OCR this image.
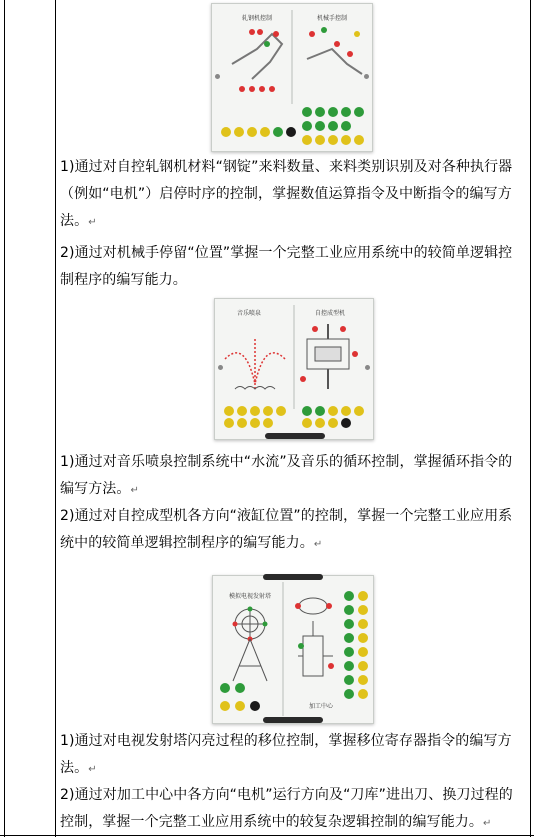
轧钢机控制	机械手控制
1)通过对自控轧钢机材料“钢锭”来料数量、来料类别识别及对各种执行器（例如“电机”）启停时序的控制，掌握数值运算指令及中断指令的编写方法。↵
2)通过对机械手停留“位置”掌握一个完整工业应用系统中的较简单逻辑控制程序的编写能力。
音乐喷泉	自控成型机
1)通过对音乐喷泉控制系统中“水流”及音乐的循环控制，掌握循环指令的编写方法。↵
2)通过对自控成型机各方向“液缸位置”的控制，掌握一个完整工业应用系统中的较简单逻辑控制程序的编写能力。↵
模拟电视发射塔
加工中心
1)通过对电视发射塔闪亮过程的移位控制，掌握移位寄存器指令的编写方法。↵
2)通过对加工中心中各方向“电机”运行方向及“刀库”进出刀、换刀过程的控制，掌握一个完整工业应用系统中的较复杂逻辑控制的编写能力。↵
